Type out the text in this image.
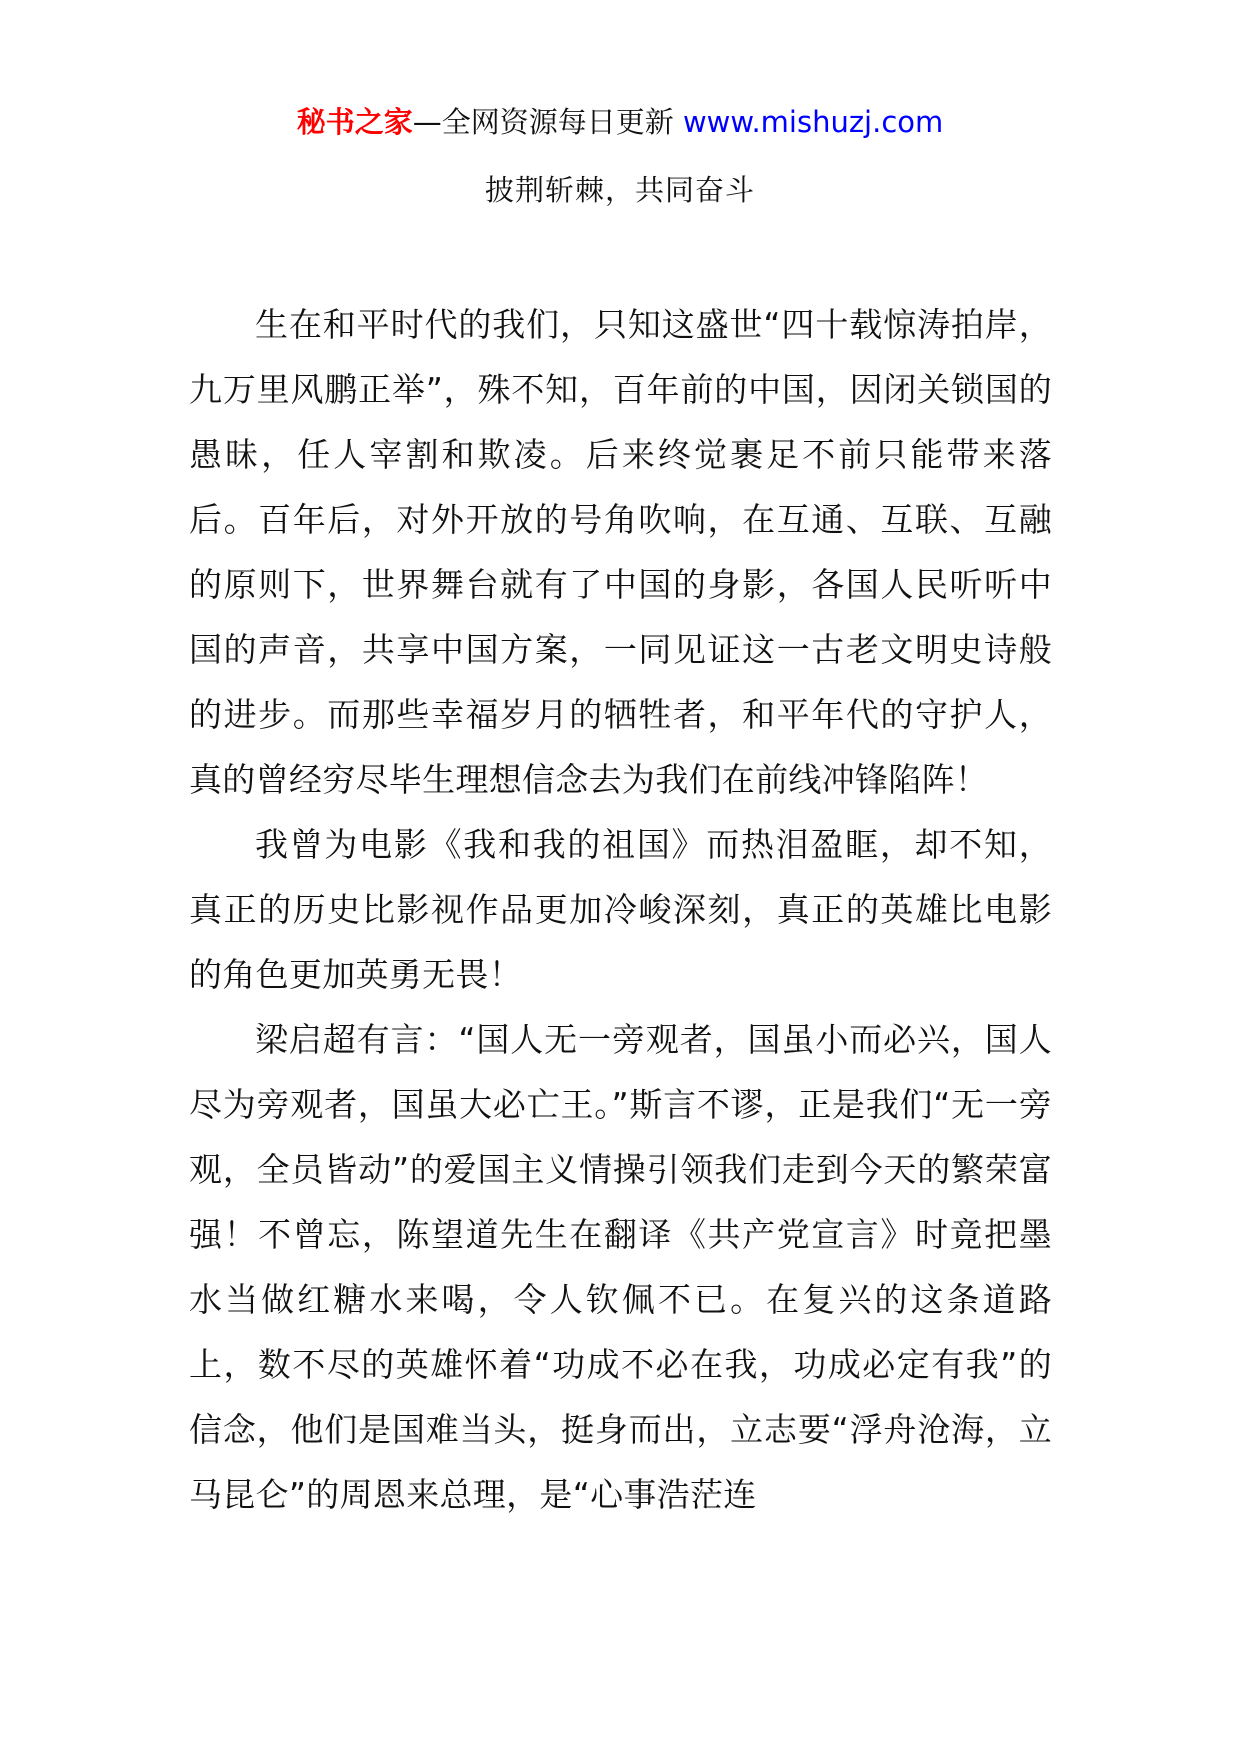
秘书之家—全网资源每日更新 www.mishuzj.com
披荆斩棘，共同奋斗

生在和平时代的我们，只知这盛世“四十载惊涛拍岸，九万里风鹏正举”，殊不知，百年前的中国，因闭关锁国的愚昧，任人宰割和欺凌。后来终觉裹足不前只能带来落后。百年后，对外开放的号角吹响，在互通、互联、互融的原则下，世界舞台就有了中国的身影，各国人民听听中国的声音，共享中国方案，一同见证这一古老文明史诗般的进步。而那些幸福岁月的牺牲者，和平年代的守护人，真的曾经穷尽毕生理想信念去为我们在前线冲锋陷阵！

我曾为电影《我和我的祖国》而热泪盈眶，却不知，真正的历史比影视作品更加冷峻深刻，真正的英雄比电影的角色更加英勇无畏！

梁启超有言：“国人无一旁观者，国虽小而必兴，国人尽为旁观者，国虽大必亡王。”斯言不谬，正是我们“无一旁观，全员皆动”的爱国主义情操引领我们走到今天的繁荣富强！不曾忘，陈望道先生在翻译《共产党宣言》时竟把墨水当做红糖水来喝，令人钦佩不已。在复兴的这条道路上，数不尽的英雄怀着“功成不必在我，功成必定有我”的信念，他们是国难当头，挺身而出，立志要“浮舟沧海，立马昆仑”的周恩来总理，是“心事浩茫连
